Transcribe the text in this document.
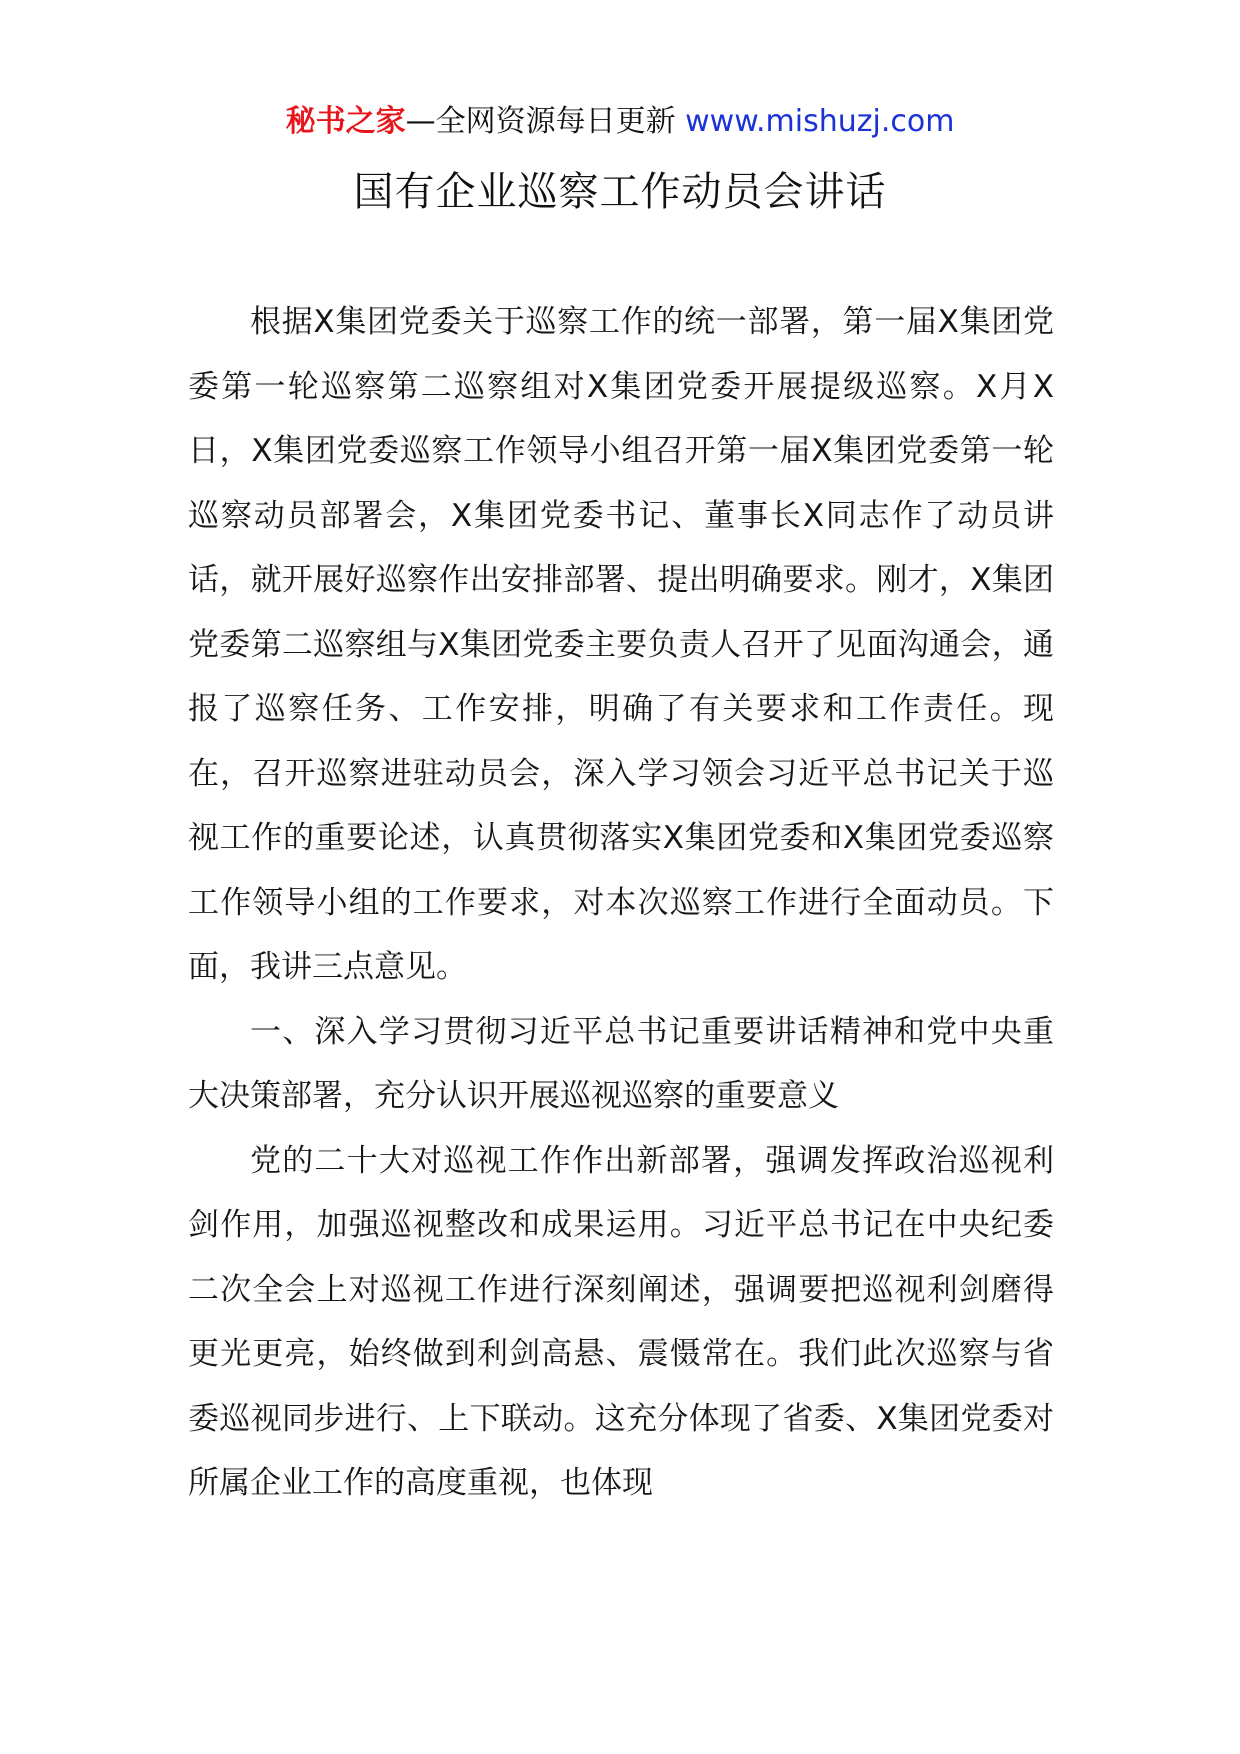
秘书之家—全网资源每日更新 www.mishuzj.com
国有企业巡察工作动员会讲话

根据X集团党委关于巡察工作的统一部署，第一届X集团党委第一轮巡察第二巡察组对X集团党委开展提级巡察。X月X日，X集团党委巡察工作领导小组召开第一届X集团党委第一轮巡察动员部署会，X集团党委书记、董事长X同志作了动员讲话，就开展好巡察作出安排部署、提出明确要求。刚才，X集团党委第二巡察组与X集团党委主要负责人召开了见面沟通会，通报了巡察任务、工作安排，明确了有关要求和工作责任。现在，召开巡察进驻动员会，深入学习领会习近平总书记关于巡视工作的重要论述，认真贯彻落实X集团党委和X集团党委巡察工作领导小组的工作要求，对本次巡察工作进行全面动员。下面，我讲三点意见。

一、深入学习贯彻习近平总书记重要讲话精神和党中央重大决策部署，充分认识开展巡视巡察的重要意义

党的二十大对巡视工作作出新部署，强调发挥政治巡视利剑作用，加强巡视整改和成果运用。习近平总书记在中央纪委二次全会上对巡视工作进行深刻阐述，强调要把巡视利剑磨得更光更亮，始终做到利剑高悬、震慑常在。我们此次巡察与省委巡视同步进行、上下联动。这充分体现了省委、X集团党委对所属企业工作的高度重视，也体现
